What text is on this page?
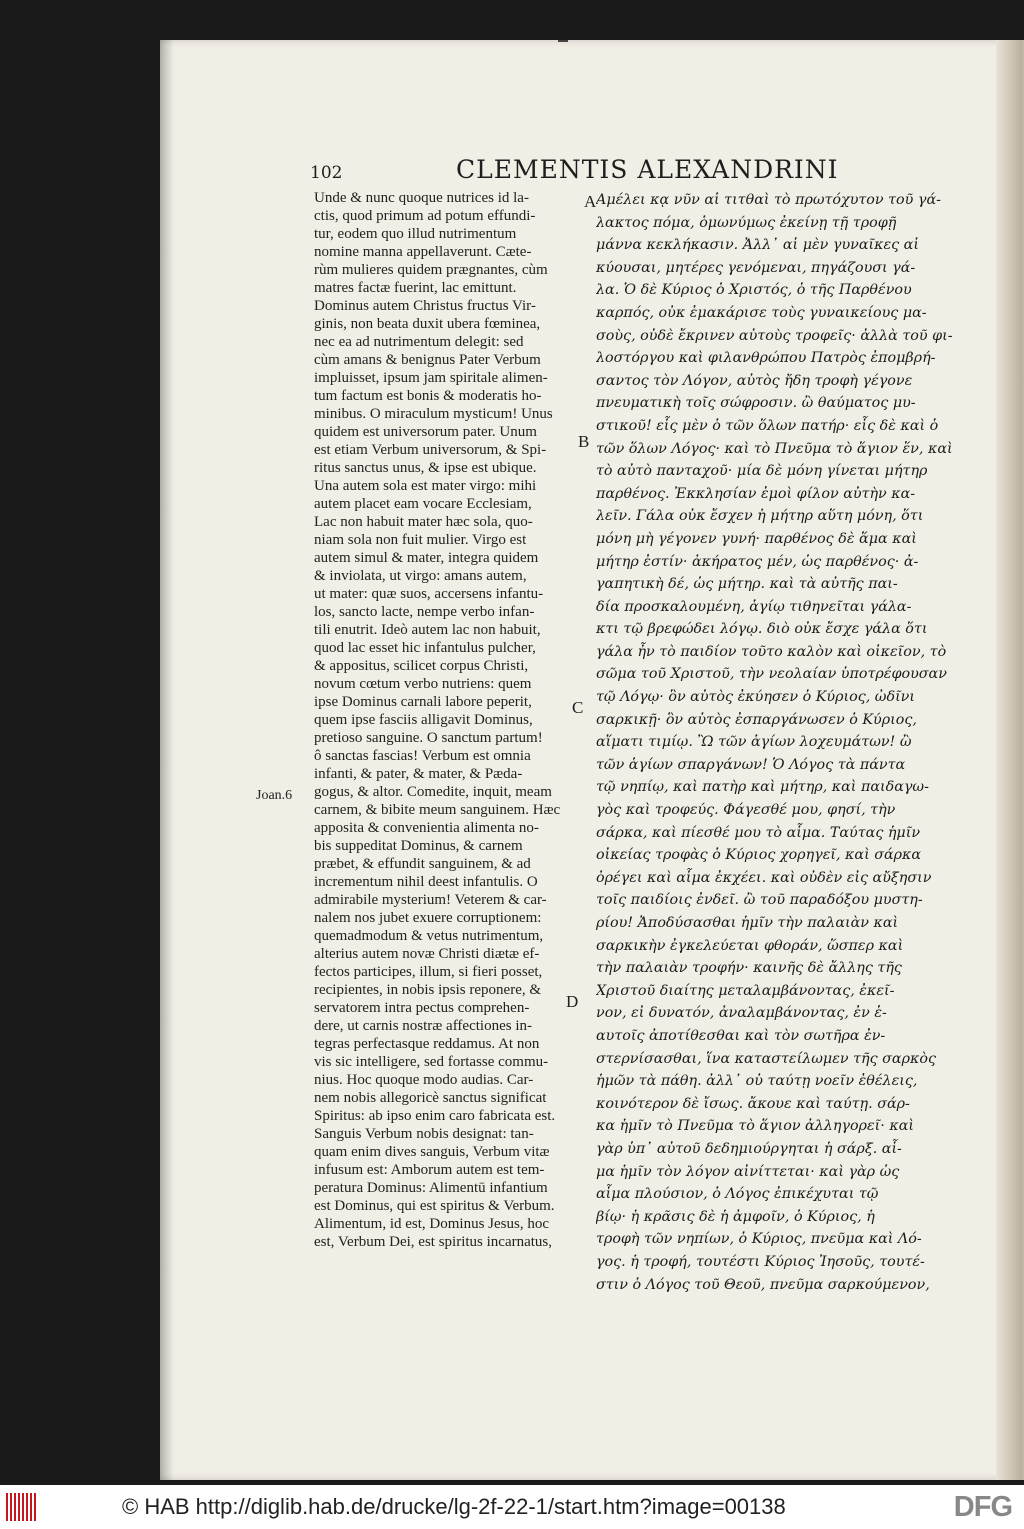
102	CLEMENTIS ALEXANDRINI
Unde & nunc quoque nutrices id la-
ctis, quod primum ad potum effundi-
tur, eodem quo illud nutrimentum
nomine manna appellaverunt. Cæte-
rùm mulieres quidem prægnantes, cùm
matres factæ fuerint, lac emittunt.
Dominus autem Christus fructus Vir-
ginis, non beata duxit ubera fœminea,
nec ea ad nutrimentum delegit: sed
cùm amans & benignus Pater Verbum
impluisset, ipsum jam spiritale alimen-
tum factum est bonis & moderatis ho-
minibus. O miraculum mysticum! Unus
quidem est universorum pater. Unum
est etiam Verbum universorum, & Spi-
ritus sanctus unus, & ipse est ubique.
Una autem sola est mater virgo: mihi
autem placet eam vocare Ecclesiam,
Lac non habuit mater hæc sola, quo-
niam sola non fuit mulier. Virgo est
autem simul & mater, integra quidem
& inviolata, ut virgo: amans autem,
ut mater: quæ suos, accersens infantu-
los, sancto lacte, nempe verbo infan-
tili enutrit. Ideò autem lac non habuit,
quod lac esset hic infantulus pulcher,
& appositus, scilicet corpus Christi,
novum cœtum verbo nutriens: quem
ipse Dominus carnali labore peperit,
quem ipse fasciis alligavit Dominus,
pretioso sanguine. O sanctum partum!
ô sanctas fascias! Verbum est omnia
infanti, & pater, & mater, & Pæda-
gogus, & altor. Comedite, inquit, meam
carnem, & bibite meum sanguinem. Hæc
apposita & convenientia alimenta no-
bis suppeditat Dominus, & carnem
præbet, & effundit sanguinem, & ad
incrementum nihil deest infantulis. O
admirabile mysterium! Veterem & car-
nalem nos jubet exuere corruptionem:
quemadmodum & vetus nutrimentum,
alterius autem novæ Christi diætæ ef-
fectos participes, illum, si fieri posset,
recipientes, in nobis ipsis reponere, &
servatorem intra pectus comprehen-
dere, ut carnis nostræ affectiones in-
tegras perfectasque reddamus. At non
vis sic intelligere, sed fortasse commu-
nius. Hoc quoque modo audias. Car-
nem nobis allegoricè sanctus significat
Spiritus: ab ipso enim caro fabricata est.
Sanguis Verbum nobis designat: tan-
quam enim dives sanguis, Verbum vitæ
infusum est: Amborum autem est tem-
peratura Dominus: Alimentū infantium
est Dominus, qui est spiritus & Verbum.
Alimentum, id est, Dominus Jesus, hoc
est, Verbum Dei, est spiritus incarnatus,
Αμέλει κᾳ νῦν αἱ τιτθαὶ τὸ πρωτόχυτον τοῦ γά-
λακτος πόμα, ὁμωνύμως ἐκείνῃ τῇ τροφῇ
μάννα κεκλήκασιν. Ἀλλ᾽ αἱ μὲν γυναῖκες αἱ
κύουσαι, μητέρες γενόμεναι, πηγάζουσι γά-
λα. Ὁ δὲ Κύριος ὁ Χριστός, ὁ τῆς Παρθένου
καρπός, οὐκ ἐμακάρισε τοὺς γυναικείους μα-
σοὺς, οὐδὲ ἔκρινεν αὐτοὺς τροφεῖς· ἀλλὰ τοῦ φι-
λοστόργου καὶ φιλανθρώπου Πατρὸς ἐπομβρή-
σαντος τὸν Λόγον, αὐτὸς ἤδη τροφὴ γέγονε
πνευματικὴ τοῖς σώφροσιν. ὢ θαύματος μυ-
στικοῦ! εἷς μὲν ὁ τῶν ὅλων πατήρ· εἷς δὲ καὶ ὁ
τῶν ὅλων Λόγος· καὶ τὸ Πνεῦμα τὸ ἅγιον ἕν, καὶ
τὸ αὐτὸ πανταχοῦ· μία δὲ μόνη γίνεται μήτηρ
παρθένος. Ἐκκλησίαν ἐμοὶ φίλον αὐτὴν κα-
λεῖν. Γάλα οὐκ ἔσχεν ἡ μήτηρ αὕτη μόνη, ὅτι
μόνη μὴ γέγονεν γυνή· παρθένος δὲ ἅμα καὶ
μήτηρ ἐστίν· ἀκήρατος μέν, ὡς παρθένος· ἀ-
γαπητικὴ δέ, ὡς μήτηρ. καὶ τὰ αὐτῆς παι-
δία προσκαλουμένη, ἁγίῳ τιθηνεῖται γάλα-
κτι τῷ βρεφώδει λόγῳ. διὸ οὐκ ἔσχε γάλα ὅτι
γάλα ἦν τὸ παιδίον τοῦτο καλὸν καὶ οἰκεῖον, τὸ
σῶμα τοῦ Χριστοῦ, τὴν νεολαίαν ὑποτρέφουσαν
τῷ Λόγῳ· ὃν αὐτὸς ἐκύησεν ὁ Κύριος, ὠδῖνι
σαρκικῇ· ὃν αὐτὸς ἐσπαργάνωσεν ὁ Κύριος,
αἵματι τιμίῳ. Ὢ τῶν ἁγίων λοχευμάτων! ὢ
τῶν ἁγίων σπαργάνων! Ὁ Λόγος τὰ πάντα
τῷ νηπίῳ, καὶ πατὴρ καὶ μήτηρ, καὶ παιδαγω-
γὸς καὶ τροφεύς. Φάγεσθέ μου, φησί, τὴν
σάρκα, καὶ πίεσθέ μου τὸ αἷμα. Ταύτας ἡμῖν
οἰκείας τροφὰς ὁ Κύριος χορηγεῖ, καὶ σάρκα
ὀρέγει καὶ αἷμα ἐκχέει. καὶ οὐδὲν εἰς αὔξησιν
τοῖς παιδίοις ἐνδεῖ. ὢ τοῦ παραδόξου μυστη-
ρίου! Ἀποδύσασθαι ἡμῖν τὴν παλαιὰν καὶ
σαρκικὴν ἐγκελεύεται φθοράν, ὥσπερ καὶ
τὴν παλαιὰν τροφήν· καινῆς δὲ ἄλλης τῆς
Χριστοῦ διαίτης μεταλαμβάνοντας, ἐκεῖ-
νον, εἰ δυνατόν, ἀναλαμβάνοντας, ἐν ἑ-
αυτοῖς ἀποτίθεσθαι καὶ τὸν σωτῆρα ἐν-
στερνίσασθαι, ἵνα καταστείλωμεν τῆς σαρκὸς
ἡμῶν τὰ πάθη. ἀλλ᾽ οὐ ταύτῃ νοεῖν ἐθέλεις,
κοινότερον δὲ ἴσως. ἄκουε καὶ ταύτῃ. σάρ-
κα ἡμῖν τὸ Πνεῦμα τὸ ἅγιον ἀλληγορεῖ· καὶ
γὰρ ὑπ᾽ αὐτοῦ δεδημιούργηται ἡ σάρξ. αἷ-
μα ἡμῖν τὸν λόγον αἰνίττεται· καὶ γὰρ ὡς
αἷμα πλούσιον, ὁ Λόγος ἐπικέχυται τῷ
βίῳ· ἡ κρᾶσις δὲ ἡ ἀμφοῖν, ὁ Κύριος, ἡ
τροφὴ τῶν νηπίων, ὁ Κύριος, πνεῦμα καὶ Λό-
γος. ἡ τροφή, τουτέστι Κύριος Ἰησοῦς, τουτέ-
στιν ὁ Λόγος τοῦ Θεοῦ, πνεῦμα σαρκούμενον,
A
B
C
D
Joan.6
© HAB http://diglib.hab.de/drucke/lg-2f-22-1/start.htm?image=00138	DFG
